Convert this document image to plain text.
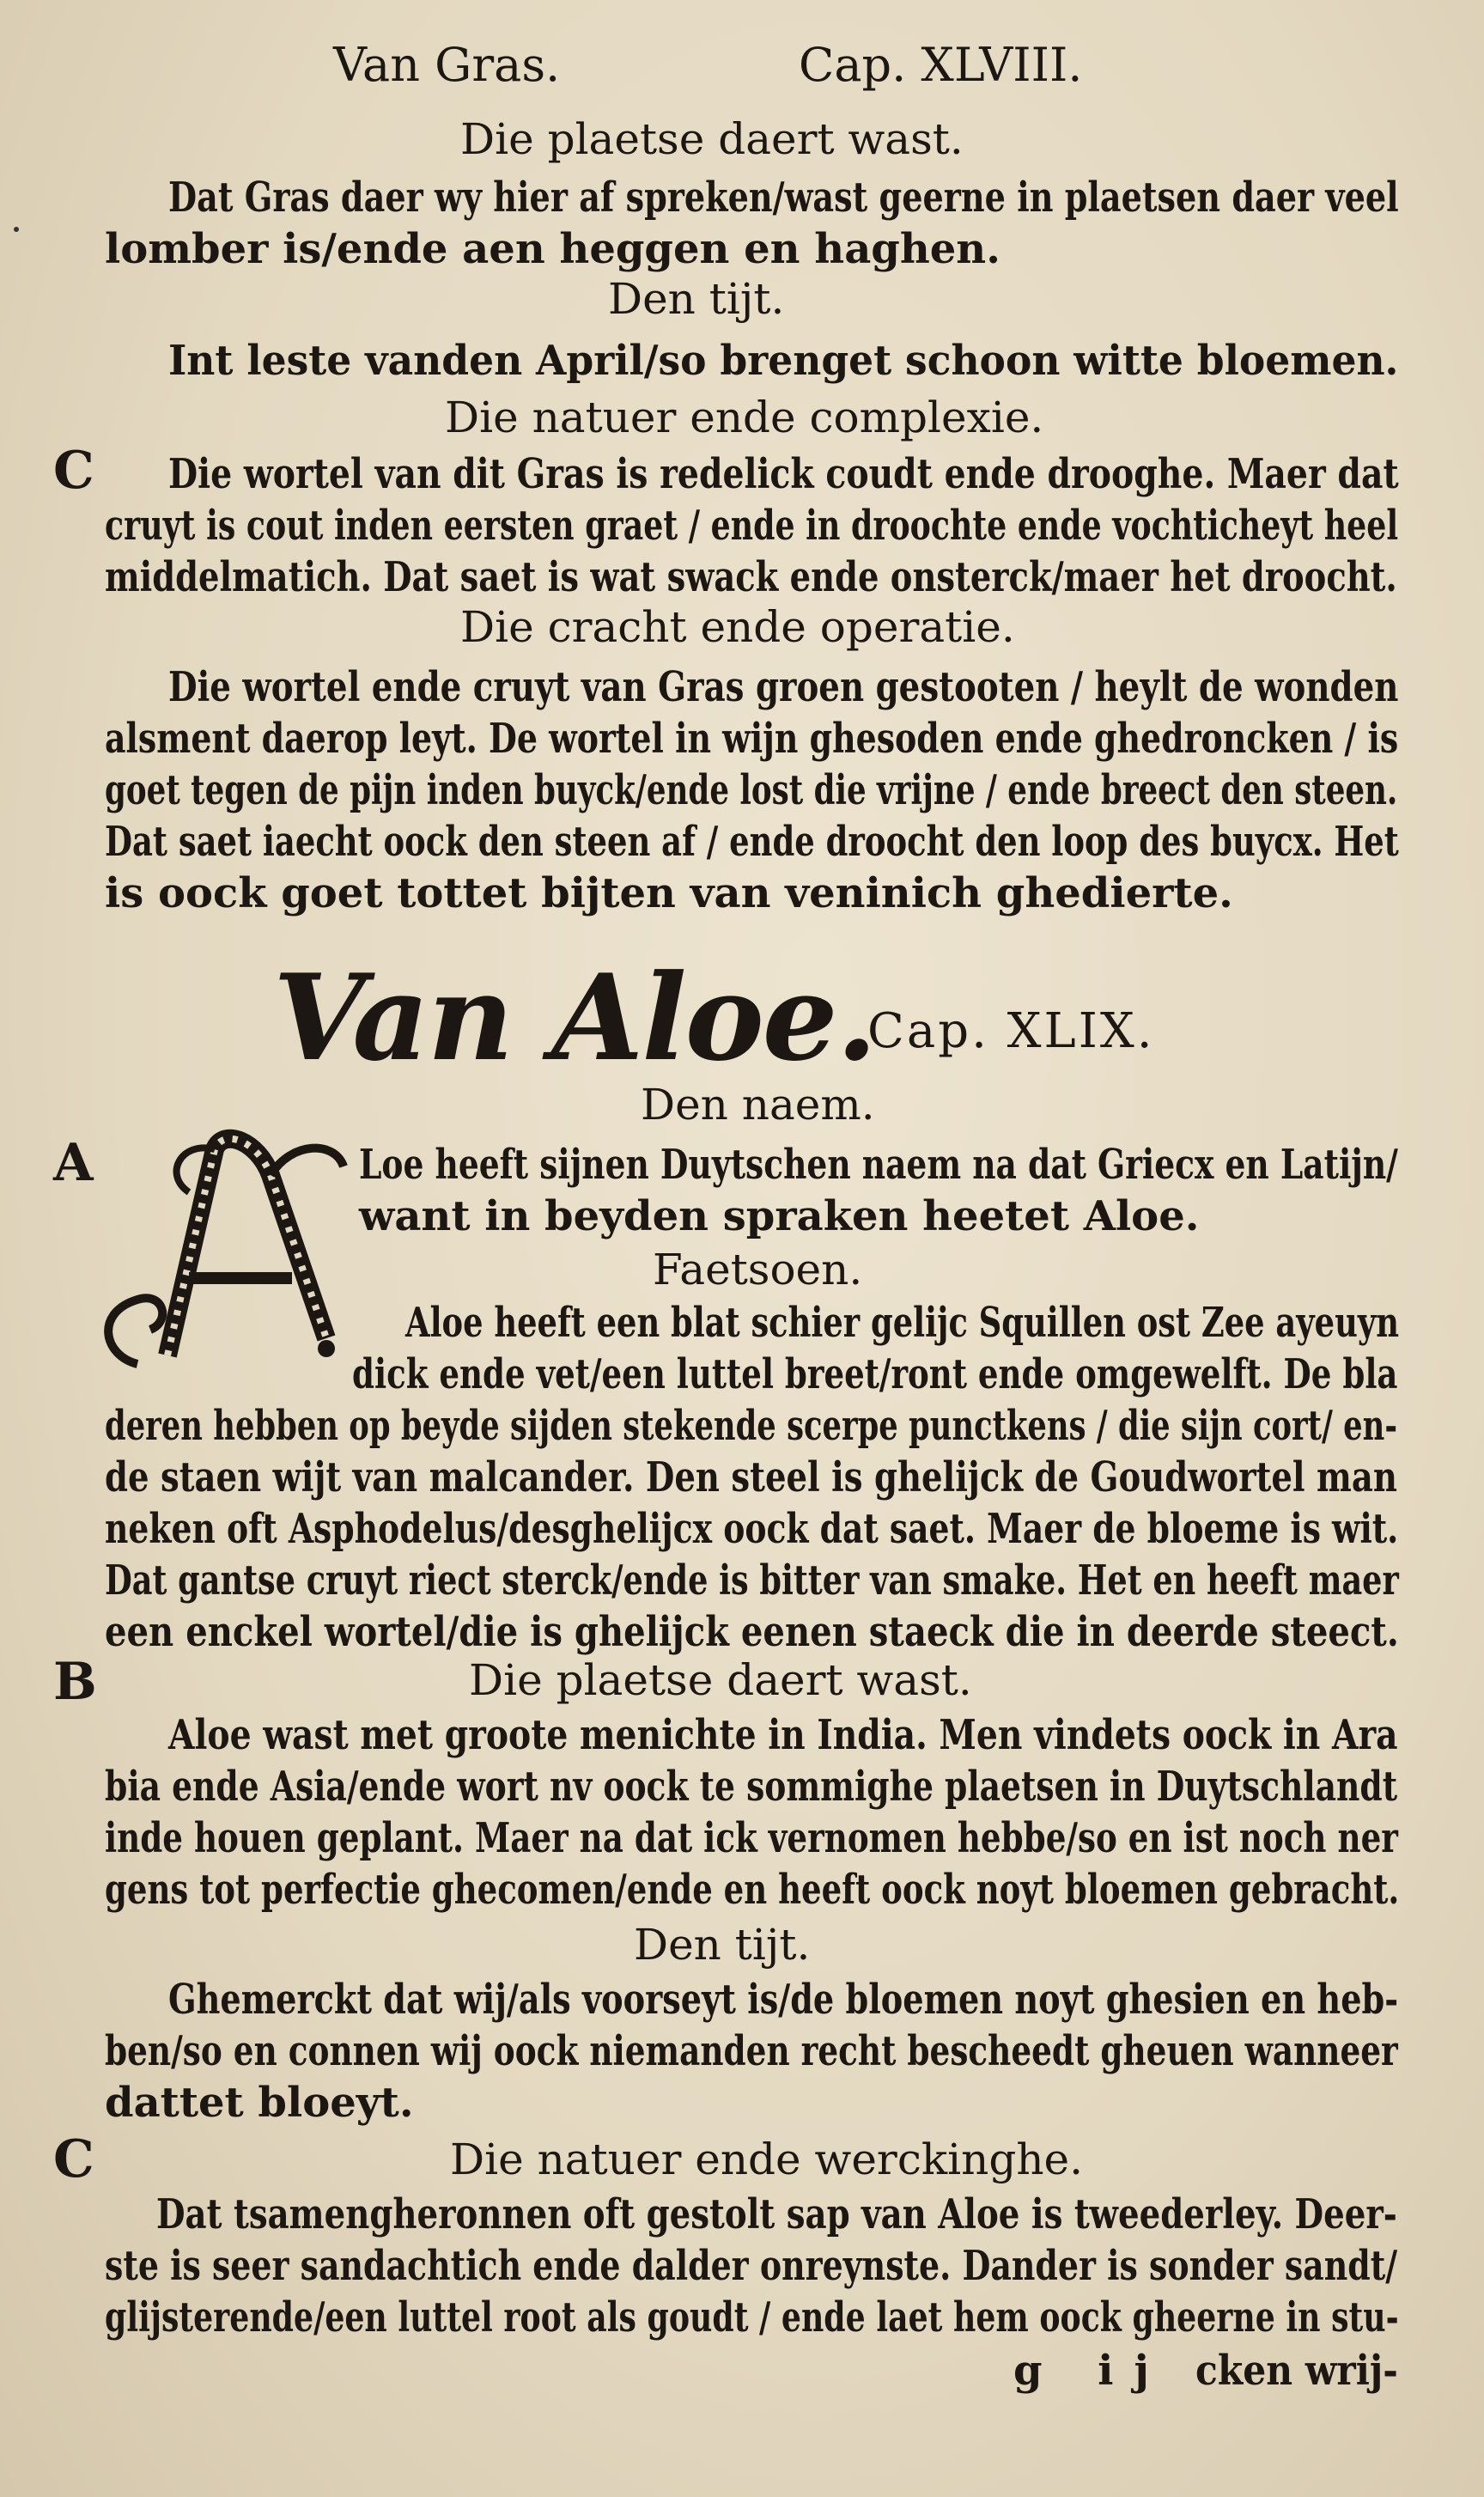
Van Gras.	Cap. XLVIII.
Die plaetse daert wast.
Dat Gras daer wy hier af spreken/wast geerne in plaetsen daer veel
lomber is/ende aen heggen en haghen.
Den tijt.
Int leste vanden April/so brenget schoon witte bloemen.
Die natuer ende complexie.
C Die wortel van dit Gras is redelick coudt ende drooghe. Maer dat
cruyt is cout inden eersten graet / ende in droochte ende vochticheyt heel
middelmatich. Dat saet is wat swack ende onsterck/maer het droocht.
Die cracht ende operatie.
Die wortel ende cruyt van Gras groen gestooten / heylt de wonden
alsment daerop leyt. De wortel in wijn ghesoden ende ghedroncken / is
goet tegen de pijn inden buyck/ende lost die vrijne / ende breect den steen.
Dat saet iaecht oock den steen af / ende droocht den loop des buycx. Het
is oock goet tottet bijten van veninich ghedierte.
Van Aloe.
Cap. XLIX.
Den naem.
A	Loe heeft sijnen Duytschen naem na dat Griecx en Latijn/
want in beyden spraken heetet Aloe.
Faetsoen.
Aloe heeft een blat schier gelijc Squillen ost Zee ayeuyn
dick ende vet/een luttel breet/ront ende omgewelft. De bla
deren hebben op beyde sijden stekende scerpe punctkens / die sijn cort/ en-
de staen wijt van malcander. Den steel is ghelijck de Goudwortel man
neken oft Asphodelus/desghelijcx oock dat saet. Maer de bloeme is wit.
Dat gantse cruyt riect sterck/ende is bitter van smake. Het en heeft maer
een enckel wortel/die is ghelijck eenen staeck die in deerde steect.
B	Die plaetse daert wast.
Aloe wast met groote menichte in India. Men vindets oock in Ara
bia ende Asia/ende wort nv oock te sommighe plaetsen in Duytschlandt
inde houen geplant. Maer na dat ick vernomen hebbe/so en ist noch ner
gens tot perfectie ghecomen/ende en heeft oock noyt bloemen gebracht.
Den tijt.
Ghemerckt dat wij/als voorseyt is/de bloemen noyt ghesien en heb-
ben/so en connen wij oock niemanden recht bescheedt gheuen wanneer
dattet bloeyt.
C	Die natuer ende werckinghe.
Dat tsamengheronnen oft gestolt sap van Aloe is tweederley. Deer-
ste is seer sandachtich ende dalder onreynste. Dander is sonder sandt/
glijsterende/een luttel root als goudt / ende laet hem oock gheerne in stu-
g ij cken wrij-
